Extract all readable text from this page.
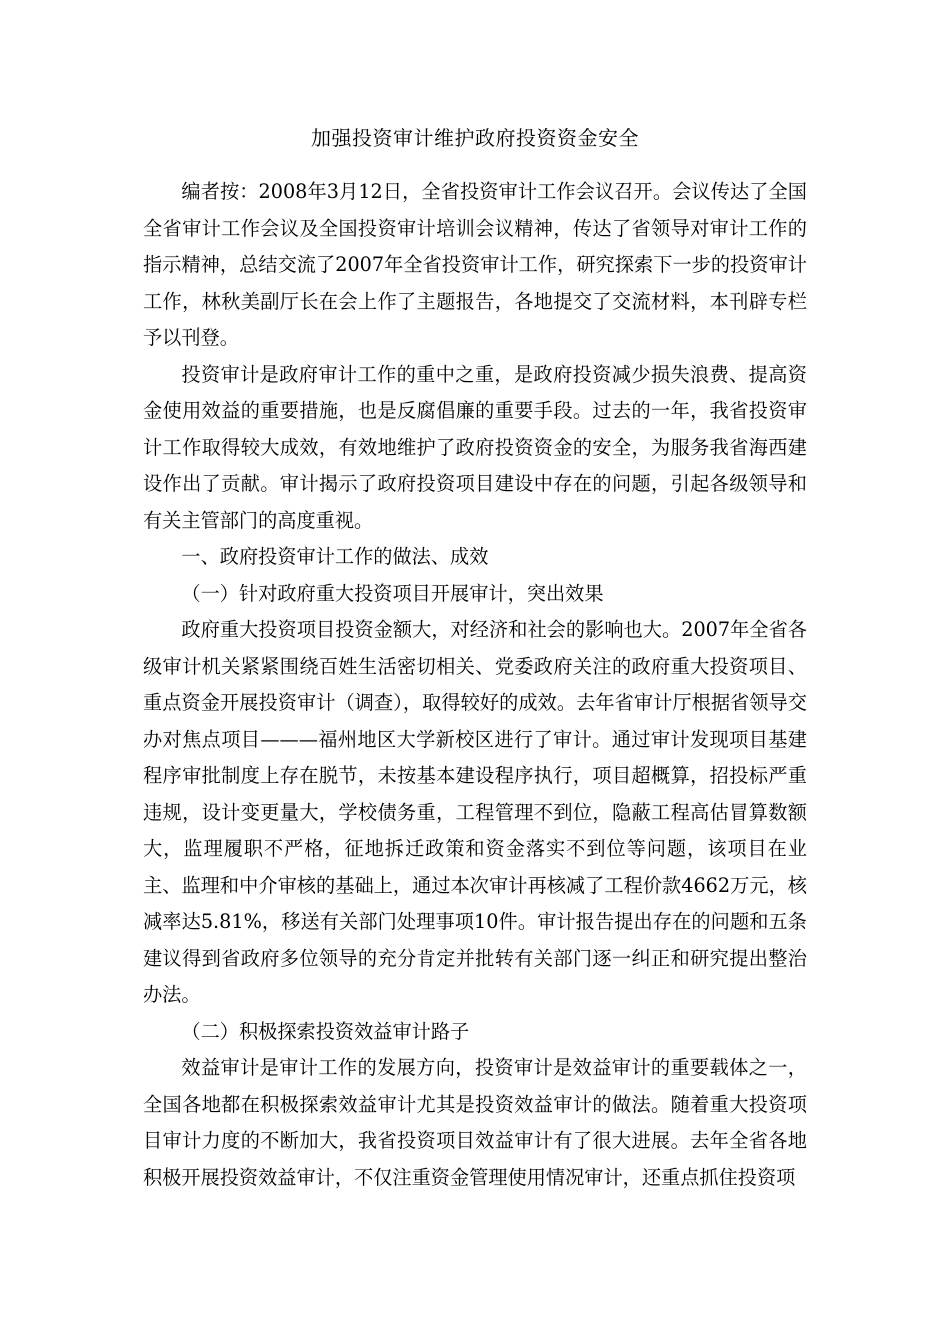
加强投资审计维护政府投资资金安全

编者按：2008年3月12日，全省投资审计工作会议召开。会议传达了全国全省审计工作会议及全国投资审计培训会议精神，传达了省领导对审计工作的指示精神，总结交流了2007年全省投资审计工作，研究探索下一步的投资审计工作，林秋美副厅长在会上作了主题报告，各地提交了交流材料，本刊辟专栏予以刊登。

投资审计是政府审计工作的重中之重，是政府投资减少损失浪费、提高资金使用效益的重要措施，也是反腐倡廉的重要手段。过去的一年，我省投资审计工作取得较大成效，有效地维护了政府投资资金的安全，为服务我省海西建设作出了贡献。审计揭示了政府投资项目建设中存在的问题，引起各级领导和有关主管部门的高度重视。

一、政府投资审计工作的做法、成效

（一）针对政府重大投资项目开展审计，突出效果

政府重大投资项目投资金额大，对经济和社会的影响也大。2007年全省各级审计机关紧紧围绕百姓生活密切相关、党委政府关注的政府重大投资项目、重点资金开展投资审计（调查），取得较好的成效。去年省审计厅根据省领导交办对焦点项目———福州地区大学新校区进行了审计。通过审计发现项目基建程序审批制度上存在脱节，未按基本建设程序执行，项目超概算，招投标严重违规，设计变更量大，学校债务重，工程管理不到位，隐蔽工程高估冒算数额大，监理履职不严格，征地拆迁政策和资金落实不到位等问题，该项目在业主、监理和中介审核的基础上，通过本次审计再核减了工程价款4662万元，核减率达5.81%，移送有关部门处理事项10件。审计报告提出存在的问题和五条建议得到省政府多位领导的充分肯定并批转有关部门逐一纠正和研究提出整治办法。

（二）积极探索投资效益审计路子

效益审计是审计工作的发展方向，投资审计是效益审计的重要载体之一，全国各地都在积极探索效益审计尤其是投资效益审计的做法。随着重大投资项目审计力度的不断加大，我省投资项目效益审计有了很大进展。去年全省各地积极开展投资效益审计，不仅注重资金管理使用情况审计，还重点抓住投资项
